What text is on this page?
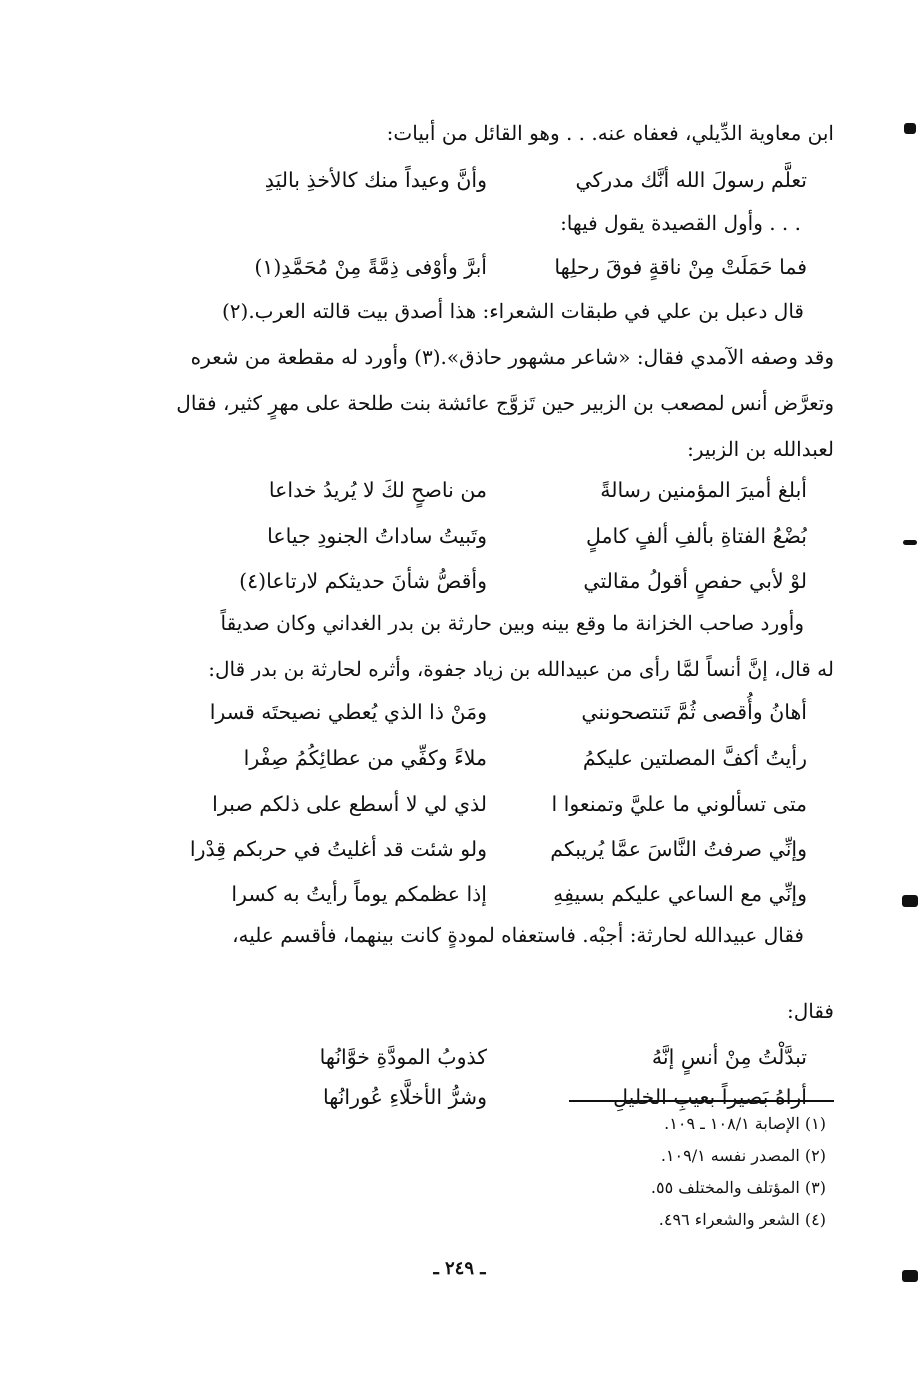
ابن معاوية الدِّيلي، فعفاه عنه. . . وهو القائل من أبيات:
تعلَّم رسولَ الله أنَّك مدركي
وأنَّ وعيداً منك كالأخذِ باليَدِ
. . . وأول القصيدة يقول فيها:
فما حَمَلَتْ مِنْ ناقةٍ فوقَ رحلِها
أبرَّ وأوْفى ذِمَّةً مِنْ مُحَمَّدِ(١)
قال دعبل بن علي في طبقات الشعراء: هذا أصدق بيت قالته العرب.(٢)
وقد وصفه الآمدي فقال: «شاعر مشهور حاذق».(٣) وأورد له مقطعة من شعره
وتعرَّض أنس لمصعب بن الزبير حين تَزوَّج عائشة بنت طلحة على مهرٍ كثير، فقال
لعبدالله بن الزبير:
أبلغ أميرَ المؤمنين رسالةً
من ناصحٍ لكَ لا يُريدُ خداعا
بُضْعُ الفتاةِ بألفِ ألفٍ كاملٍ
وتَبيتُ ساداتُ الجنودِ جياعا
لوْ لأبي حفصٍ أقولُ مقالتي
وأقصُّ شأنَ حديثكم لارتاعا(٤)
وأورد صاحب الخزانة ما وقع بينه وبين حارثة بن بدر الغداني وكان صديقاً
له قال، إنَّ أنساً لمَّا رأى من عبيدالله بن زياد جفوة، وأثره لحارثة بن بدر قال:
أهانُ وأُقصى ثُمَّ تَنتصحونني
ومَنْ ذا الذي يُعطي نصيحتَه قسرا
رأيتُ أكفَّ المصلتين عليكمُ
ملاءً وكفِّي من عطائِكُمُ صِفْرا
متى تسألوني ما عليَّ وتمنعوا ا
لذي لي لا أسطع على ذلكم صبرا
وإنِّي صرفتُ النَّاسَ عمَّا يُريبكم
ولو شئت قد أغليتُ في حربكم قِدْرا
وإنِّي مع الساعي عليكم بسيفِهِ
إذا عظمكم يوماً رأيتُ به كسرا
فقال عبيدالله لحارثة: أجبْه. فاستعفاه لمودةٍ كانت بينهما، فأقسم عليه،
فقال:
تبدَّلْتُ مِنْ أنسٍ إنَّهُ
كذوبُ المودَّةِ خوَّانُها
أراهُ بَصيراً بعيبِ الخليلِ
وشرُّ الأخلَّاءِ عُورانُها
(١) الإصابة ١٠٨/١ ـ ١٠٩.
(٢) المصدر نفسه ١٠٩/١.
(٣) المؤتلف والمختلف ٥٥.
(٤) الشعر والشعراء ٤٩٦.
ـ ٢٤٩ ـ
